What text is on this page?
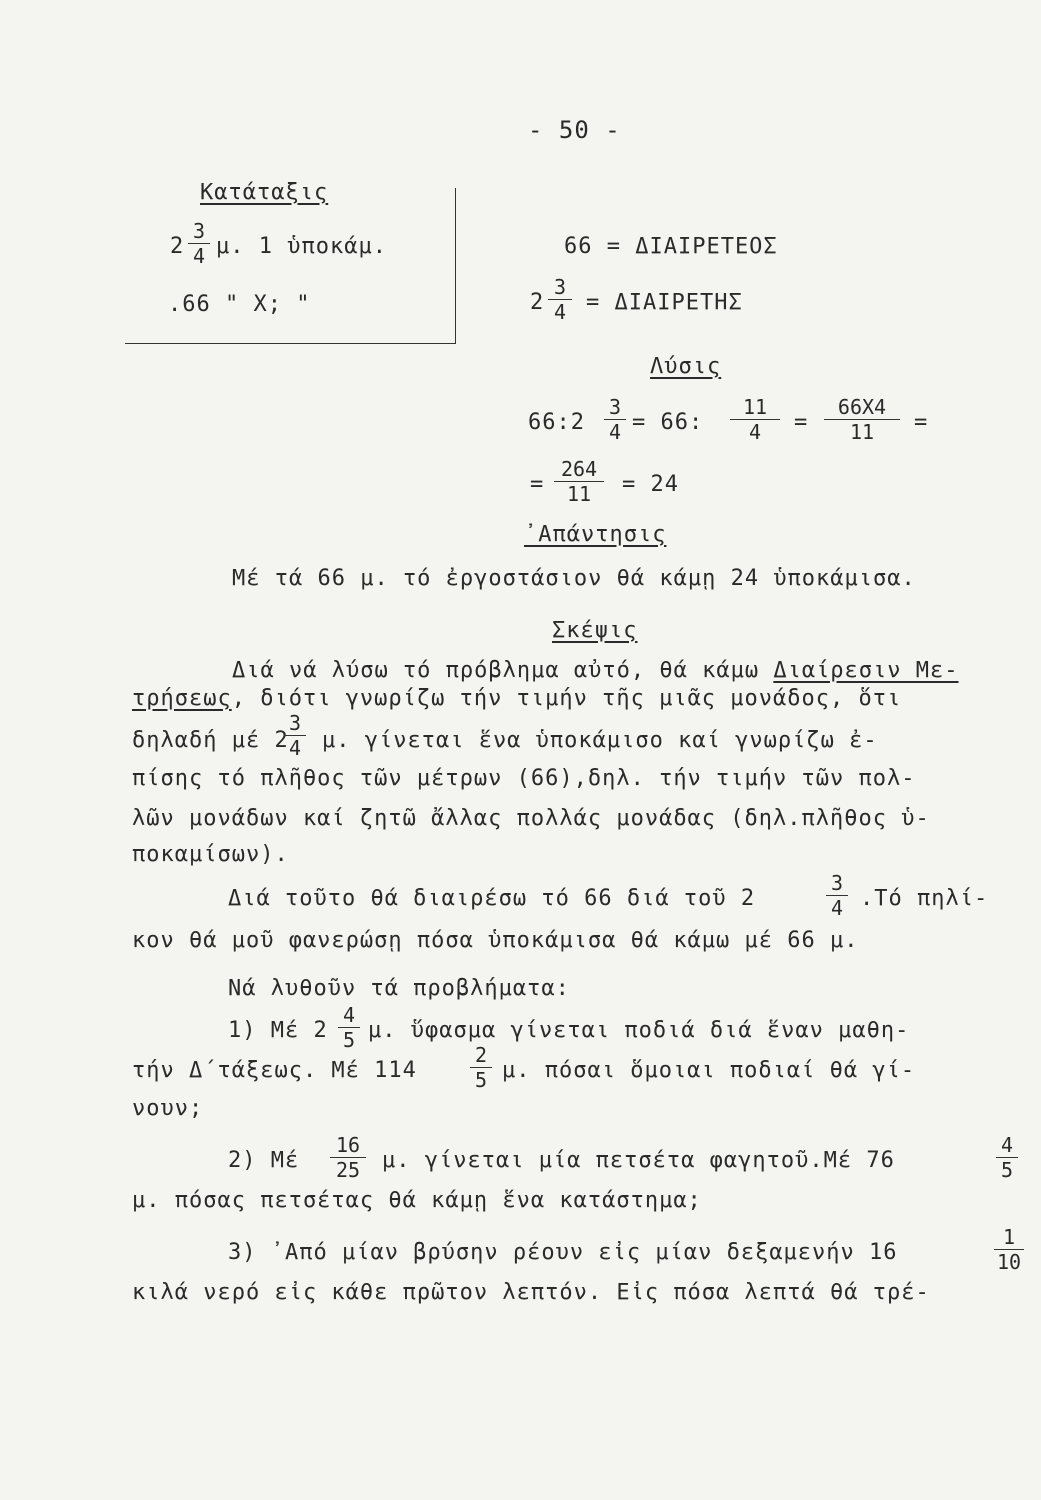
- 50 -
Κατάταξις
2
3
4 μ. 1 ὑποκάμ.
.66 " X; "
66 = ΔΙΑΙΡΕΤΕΟΣ
2
3
4 = ΔΙΑΙΡΕΤΗΣ
Λύσις
66:2
3
4 = 66:
11
4	=
66X4
11	=
=
264
11	= 24
᾿Απάντησις
Μέ τά 66 μ. τό ἐργοστάσιον θά κάμῃ 24 ὑποκάμισα.
Σκέψις
Διά νά λύσω τό πρόβλημα αὐτό, θά κάμω Διαίρεσιν Με-
τρήσεως, διότι γνωρίζω τήν τιμήν τῆς μιᾶς μονάδος, ὅτι
δηλαδή μέ 2
3
4 μ. γίνεται ἕνα ὑποκάμισο καί γνωρίζω ἐ-
πίσης τό πλῆθος τῶν μέτρων (66),δηλ. τήν τιμήν τῶν πολ-
λῶν μονάδων καί ζητῶ ἄλλας πολλάς μονάδας (δηλ.πλῆθος ὑ-
ποκαμίσων).
Διά τοῦτο θά διαιρέσω τό 66 διά τοῦ 2
3
4 .Τό πηλί-
κον θά μοῦ φανερώσῃ πόσα ὑποκάμισα θά κάμω μέ 66 μ.
Νά λυθοῦν τά προβλήματα:
1) Μέ 2
4
5 μ. ὕφασμα γίνεται ποδιά διά ἕναν μαθη-
τήν Δ΄τάξεως. Μέ 114
2
5 μ. πόσαι ὅμοιαι ποδιαί θά γί-
νουν;
2) Μέ
16
25 μ. γίνεται μία πετσέτα φαγητοῦ.Μέ 76
4
5
μ. πόσας πετσέτας θά κάμῃ ἕνα κατάστημα;
3) ᾿Από μίαν βρύσην ρέουν εἰς μίαν δεξαμενήν 16
1
10
κιλά νερό εἰς κάθε πρῶτον λεπτόν. Εἰς πόσα λεπτά θά τρέ-
